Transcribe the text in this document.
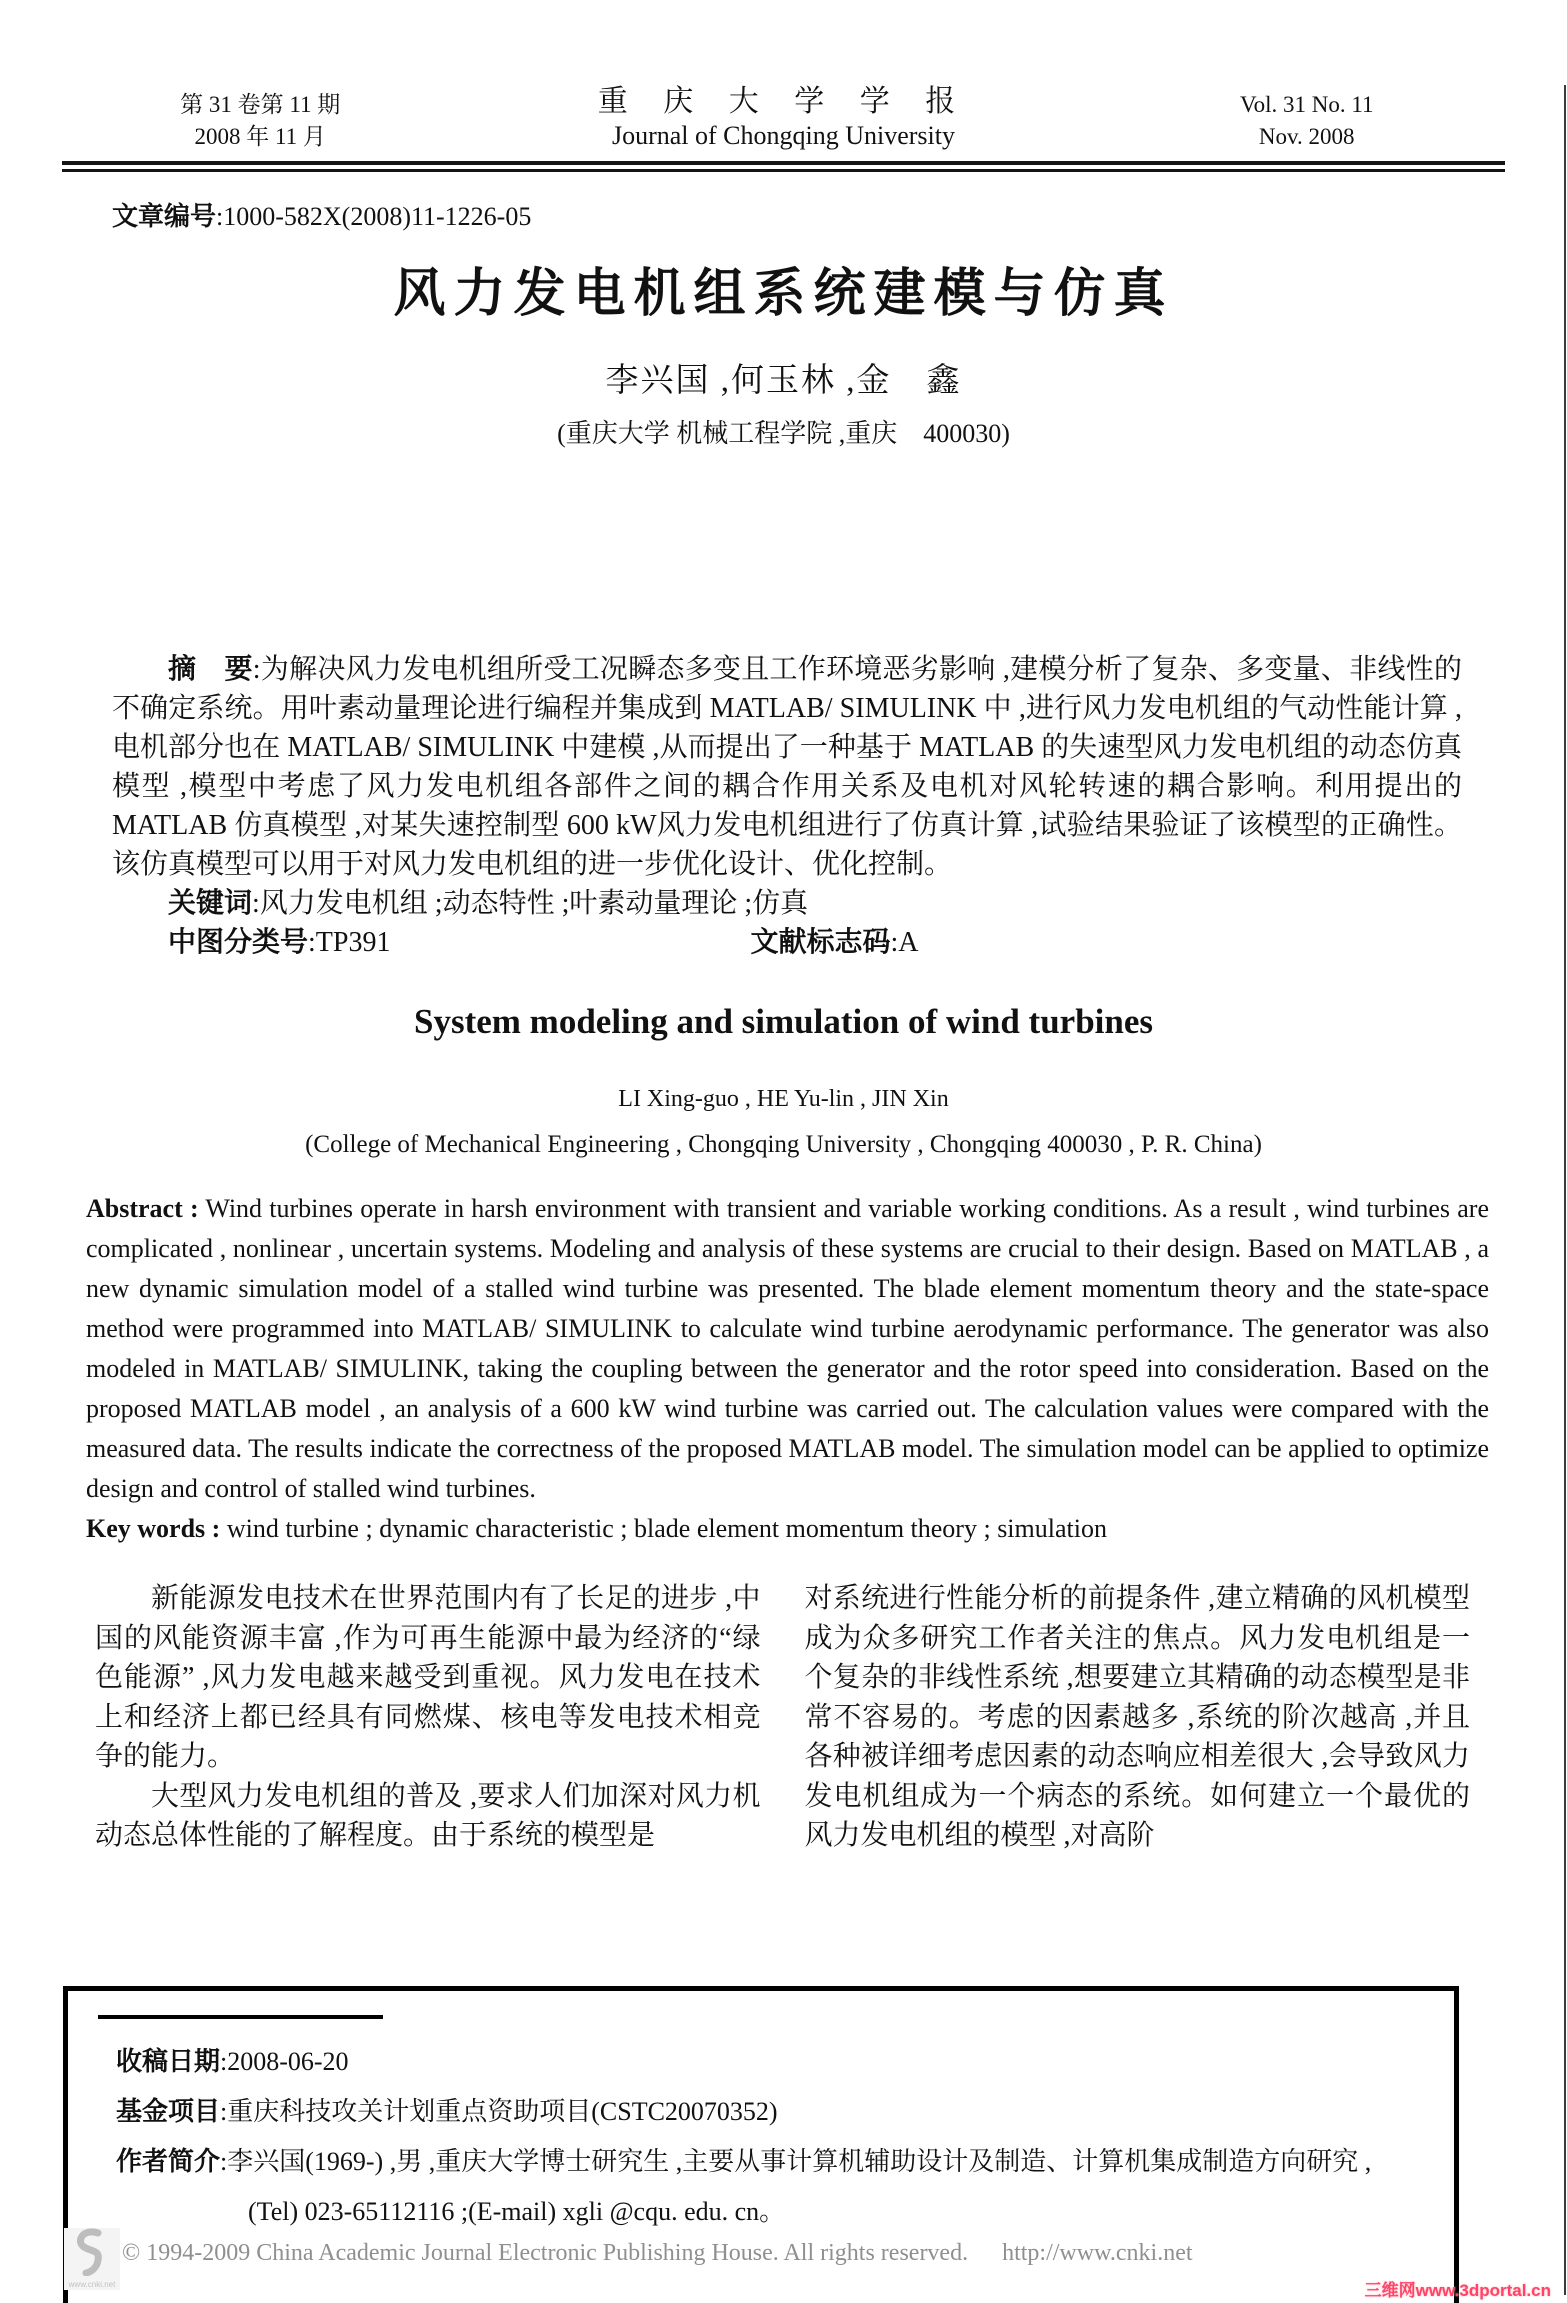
第 31 卷第 11 期
2008 年 11 月
重 庆 大 学 学 报
Journal of Chongqing University
Vol. 31 No. 11
Nov. 2008
文章编号:1000-582X(2008)11-1226-05
风力发电机组系统建模与仿真
李兴国 ,何玉林 ,金　鑫
(重庆大学 机械工程学院 ,重庆　400030)

摘　要:为解决风力发电机组所受工况瞬态多变且工作环境恶劣影响 ,建模分析了复杂、多变量、非线性的不确定系统。用叶素动量理论进行编程并集成到 MATLAB/ SIMULINK 中 ,进行风力发电机组的气动性能计算 ,电机部分也在 MATLAB/ SIMULINK 中建模 ,从而提出了一种基于 MATLAB 的失速型风力发电机组的动态仿真模型 ,模型中考虑了风力发电机组各部件之间的耦合作用关系及电机对风轮转速的耦合影响。利用提出的 MATLAB 仿真模型 ,对某失速控制型 600 kW风力发电机组进行了仿真计算 ,试验结果验证了该模型的正确性。该仿真模型可以用于对风力发电机组的进一步优化设计、优化控制。

关键词:风力发电机组 ;动态特性 ;叶素动量理论 ;仿真

中图分类号:TP391	文献标志码:A

System modeling and simulation of wind turbines
LI Xing-guo , HE Yu-lin , JIN Xin
(College of Mechanical Engineering , Chongqing University , Chongqing 400030 , P. R. China)

Abstract : Wind turbines operate in harsh environment with transient and variable working conditions. As a result , wind turbines are complicated , nonlinear , uncertain systems. Modeling and analysis of these systems are crucial to their design. Based on MATLAB , a new dynamic simulation model of a stalled wind turbine was presented. The blade element momentum theory and the state-space method were programmed into MATLAB/ SIMULINK to calculate wind turbine aerodynamic performance. The generator was also modeled in MATLAB/ SIMULINK, taking the coupling between the generator and the rotor speed into consideration. Based on the proposed MATLAB model , an analysis of a 600 kW wind turbine was carried out. The calculation values were compared with the measured data. The results indicate the correctness of the proposed MATLAB model. The simulation model can be applied to optimize design and control of stalled wind turbines.

Key words : wind turbine ; dynamic characteristic ; blade element momentum theory ; simulation

新能源发电技术在世界范围内有了长足的进步 ,中国的风能资源丰富 ,作为可再生能源中最为经济的“绿色能源” ,风力发电越来越受到重视。风力发电在技术上和经济上都已经具有同燃煤、核电等发电技术相竞争的能力。

大型风力发电机组的普及 ,要求人们加深对风力机动态总体性能的了解程度。由于系统的模型是

对系统进行性能分析的前提条件 ,建立精确的风机模型成为众多研究工作者关注的焦点。风力发电机组是一个复杂的非线性系统 ,想要建立其精确的动态模型是非常不容易的。考虑的因素越多 ,系统的阶次越高 ,并且各种被详细考虑因素的动态响应相差很大 ,会导致风力发电机组成为一个病态的系统。如何建立一个最优的风力发电机组的模型 ,对高阶

收稿日期:2008-06-20
基金项目:重庆科技攻关计划重点资助项目(CSTC20070352)
作者简介:李兴国(1969-) ,男 ,重庆大学博士研究生 ,主要从事计算机辅助设计及制造、计算机集成制造方向研究 ,
(Tel) 023-65112116 ;(E-mail) xgli @cqu. edu. cn。
www.cnki.net
© 1994-2009 China Academic Journal Electronic Publishing House. All rights reserved. http://www.cnki.net
三维网www.3dportal.cn
